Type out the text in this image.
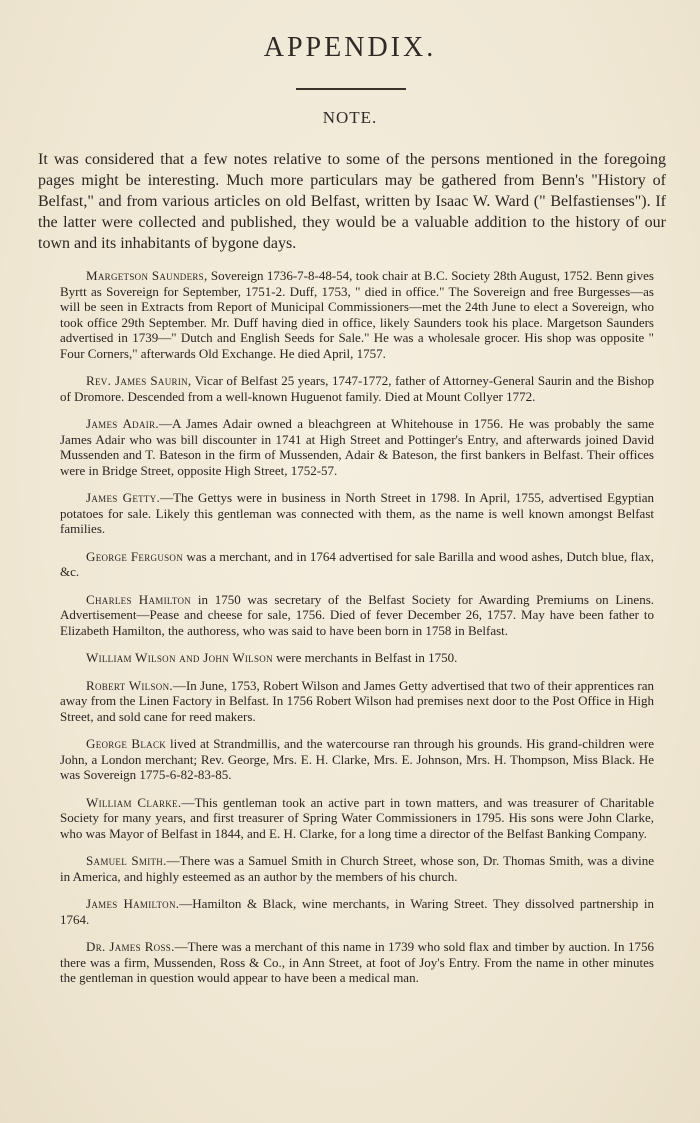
APPENDIX.
NOTE.

It was considered that a few notes relative to some of the persons mentioned in the foregoing pages might be interesting. Much more particulars may be gathered from Benn's "History of Belfast," and from various articles on old Belfast, written by Isaac W. Ward (" Belfastienses"). If the latter were collected and published, they would be a valuable addition to the history of our town and its inhabitants of bygone days.

Margetson Saunders, Sovereign 1736-7-8-48-54, took chair at B.C. Society 28th August, 1752. Benn gives Byrtt as Sovereign for September, 1751-2. Duff, 1753, " died in office." The Sovereign and free Burgesses—as will be seen in Extracts from Report of Municipal Commissioners—met the 24th June to elect a Sovereign, who took office 29th September. Mr. Duff having died in office, likely Saunders took his place. Margetson Saunders advertised in 1739—" Dutch and English Seeds for Sale." He was a wholesale grocer. His shop was opposite " Four Corners," afterwards Old Exchange. He died April, 1757.

Rev. James Saurin, Vicar of Belfast 25 years, 1747-1772, father of Attorney-General Saurin and the Bishop of Dromore. Descended from a well-known Huguenot family. Died at Mount Collyer 1772.

James Adair.—A James Adair owned a bleachgreen at Whitehouse in 1756. He was probably the same James Adair who was bill discounter in 1741 at High Street and Pottinger's Entry, and afterwards joined David Mussenden and T. Bateson in the firm of Mussenden, Adair & Bateson, the first bankers in Belfast. Their offices were in Bridge Street, opposite High Street, 1752-57.

James Getty.—The Gettys were in business in North Street in 1798. In April, 1755, advertised Egyptian potatoes for sale. Likely this gentleman was connected with them, as the name is well known amongst Belfast families.

George Ferguson was a merchant, and in 1764 advertised for sale Barilla and wood ashes, Dutch blue, flax, &c.

Charles Hamilton in 1750 was secretary of the Belfast Society for Awarding Premiums on Linens. Advertisement—Pease and cheese for sale, 1756. Died of fever December 26, 1757. May have been father to Elizabeth Hamilton, the authoress, who was said to have been born in 1758 in Belfast.

William Wilson and John Wilson were merchants in Belfast in 1750.

Robert Wilson.—In June, 1753, Robert Wilson and James Getty advertised that two of their apprentices ran away from the Linen Factory in Belfast. In 1756 Robert Wilson had premises next door to the Post Office in High Street, and sold cane for reed makers.

George Black lived at Strandmillis, and the watercourse ran through his grounds. His grand-children were John, a London merchant; Rev. George, Mrs. E. H. Clarke, Mrs. E. Johnson, Mrs. H. Thompson, Miss Black. He was Sovereign 1775-6-82-83-85.

William Clarke.—This gentleman took an active part in town matters, and was treasurer of Charitable Society for many years, and first treasurer of Spring Water Commissioners in 1795. His sons were John Clarke, who was Mayor of Belfast in 1844, and E. H. Clarke, for a long time a director of the Belfast Banking Company.

Samuel Smith.—There was a Samuel Smith in Church Street, whose son, Dr. Thomas Smith, was a divine in America, and highly esteemed as an author by the members of his church.

James Hamilton.—Hamilton & Black, wine merchants, in Waring Street. They dissolved partnership in 1764.

Dr. James Ross.—There was a merchant of this name in 1739 who sold flax and timber by auction. In 1756 there was a firm, Mussenden, Ross & Co., in Ann Street, at foot of Joy's Entry. From the name in other minutes the gentleman in question would appear to have been a medical man.
